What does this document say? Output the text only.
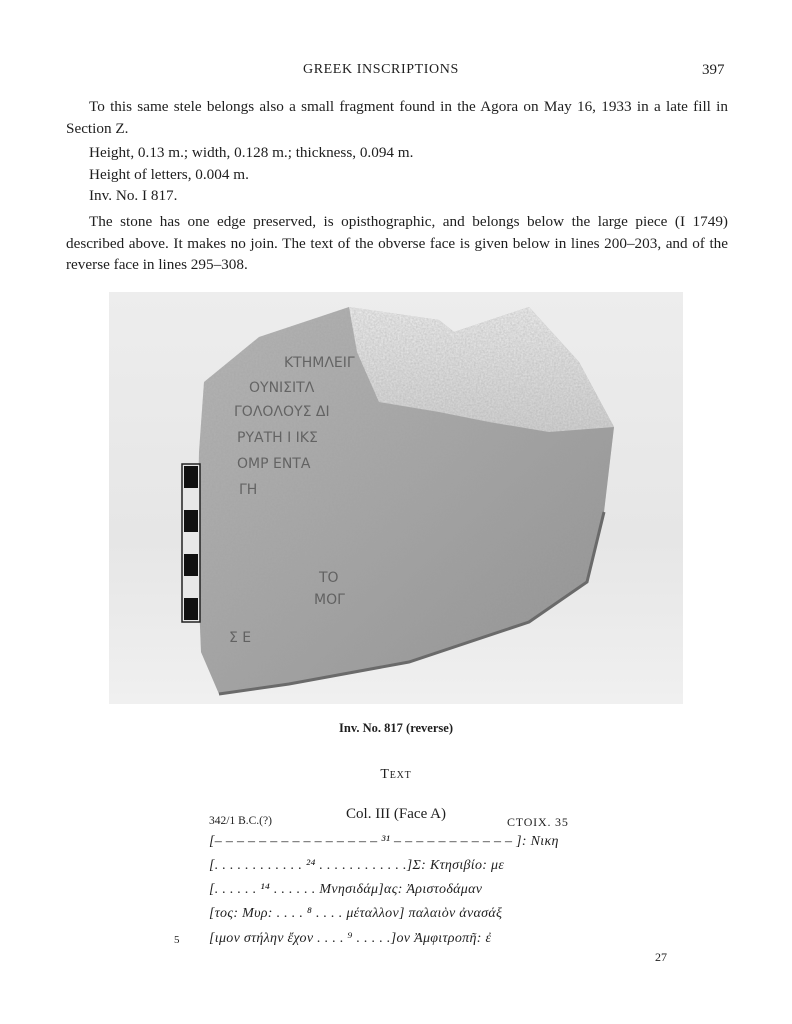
GREEK INSCRIPTIONS	397

To this same stele belongs also a small fragment found in the Agora on May 16, 1933 in a late fill in Section Z.

Height, 0.13 m.; width, 0.128 m.; thickness, 0.094 m.
Height of letters, 0.004 m.
Inv. No. I 817.

The stone has one edge preserved, is opisthographic, and belongs below the large piece (I 1749) described above. It makes no join. The text of the obverse face is given below in lines 200–203, and of the reverse face in lines 295–308.

ΚΤΗΜΛΕΙΓ
ΟΥΝΙΣΙΤΛ
ΓΟΛΟΛΟΥΣ ΔΙ
ΡΥΑΤΗ Ι ΙΚΣ
ΟΜΡ ΕΝΤΑ
ΓΗ
ΤΟ
ΜΟΓ
Σ Ε
Inv. No. 817 (reverse)
Text
342/1 B.C.(?)	Col. III (Face A)	CTOIX. 35
[– – – – – – – – – – – – – – – ³¹ – – – – – – – – – – – ]: Νικη
[. . . . . . . . . . . . ²⁴ . . . . . . . . . . . .]Σ: Κτησιβίο: με
[. . . . . . ¹⁴ . . . . . . Μνησιδάμ]ας: Ἀριστοδάμαν
[τος: Μυρ: . . . . ⁸ . . . . μέταλλον] παλαιὸν ἀνασάξ
5 [ιμον στήλην ἔχον . . . . ⁹ . . . . .]ον Ἀμφιτροπῆ: ἐ
27
